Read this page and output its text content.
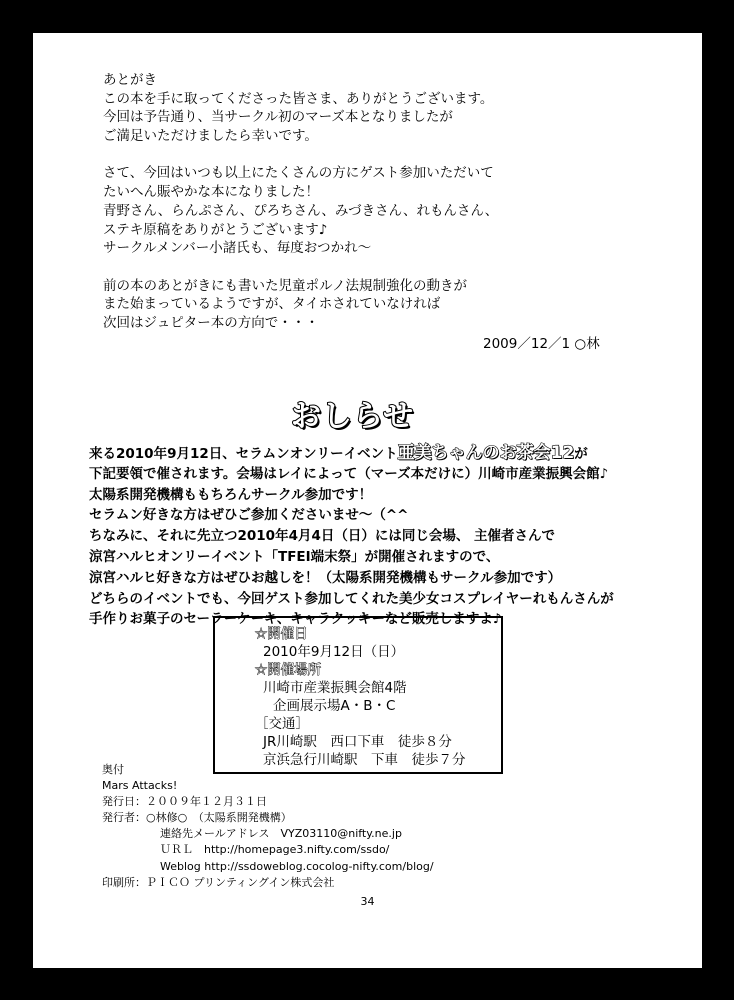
あとがき
この本を手に取ってくださった皆さま、ありがとうございます。
今回は予告通り、当サークル初のマーズ本となりましたが
ご満足いただけましたら幸いです。
さて、今回はいつも以上にたくさんの方にゲスト参加いただいて
たいへん賑やかな本になりました！
青野さん、らんぷさん、ぴろちさん、みづきさん、れもんさん、
ステキ原稿をありがとうございます♪
サークルメンバー小諸氏も、毎度おつかれ〜
前の本のあとがきにも書いた児童ポルノ法規制強化の動きが
また始まっているようですが、タイホされていなければ
次回はジュピター本の方向で・・・
2009／12／1 ○林
おしらせ
来る2010年9月12日、セラムンオンリーイベント亜美ちゃんのお茶会12が
下記要領で催されます。会場はレイによって（マーズ本だけに）川崎市産業振興会館♪
太陽系開発機構ももちろんサークル参加です！
セラムン好きな方はぜひご参加くださいませ〜（^^
ちなみに、それに先立つ2010年4月4日（日）には同じ会場、 主催者さんで
涼宮ハルヒオンリーイベント「TFEI端末祭」が開催されますので、
涼宮ハルヒ好きな方はぜひお越しを！（太陽系開発機構もサークル参加です）
どちらのイベントでも、今回ゲスト参加してくれた美少女コスプレイヤーれもんさんが
手作りお菓子のセーラーケーキ、キャラクッキーなど販売しますよ♪
☆開催日
2010年9月12日（日）
☆開催場所
川崎市産業振興会館4階
企画展示場A・B・C
［交通］
JR川崎駅　西口下車　徒歩８分
京浜急行川崎駅　下車　徒歩７分
奥付
Mars Attacks!
発行日：２００９年１２月３１日
発行者：○林修○　（太陽系開発機構）
連絡先メールアドレス　VYZ03110@nifty.ne.jp
ＵＲＬ　http://homepage3.nifty.com/ssdo/
Weblog http://ssdoweblog.cocolog-nifty.com/blog/
印刷所：ＰＩＣＯ プリンティングイン株式会社
34
